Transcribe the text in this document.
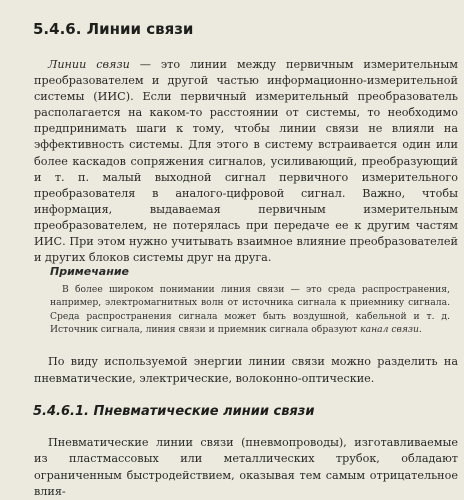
5.4.6. Линии связи

Линии связи — это линии между первичным измерительным преобразователем и другой частью информационно-измерительной системы (ИИС). Если первичный измерительный преобразователь располагается на каком-то расстоянии от системы, то необходимо предпринимать шаги к тому, чтобы линии связи не влияли на эффективность системы. Для этого в систему встраивается один или более каскадов сопряжения сигналов, усиливающий, преобразующий и т. п. малый выходной сигнал первичного измерительного преобразователя в аналого-цифровой сигнал. Важно, чтобы информация, выдаваемая первичным измерительным преобразователем, не потерялась при передаче ее к другим частям ИИС. При этом нужно учитывать взаимное влияние преобразователей и других блоков системы друг на друга.

Примечание

В более широком понимании линия связи — это среда распространения, например, электромагнитных волн от источника сигнала к приемнику сигнала. Среда распространения сигнала может быть воздушной, кабельной и т. д. Источник сигнала, линия связи и приемник сигнала образуют канал связи.

По виду используемой энергии линии связи можно разделить на пневматические, электрические, волоконно-оптические.

5.4.6.1. Пневматические линии связи

Пневматические линии связи (пневмопроводы), изготавливаемые из пластмассовых или металлических трубок, обладают ограниченным быстродействием, оказывая тем самым отрицательное влия-
